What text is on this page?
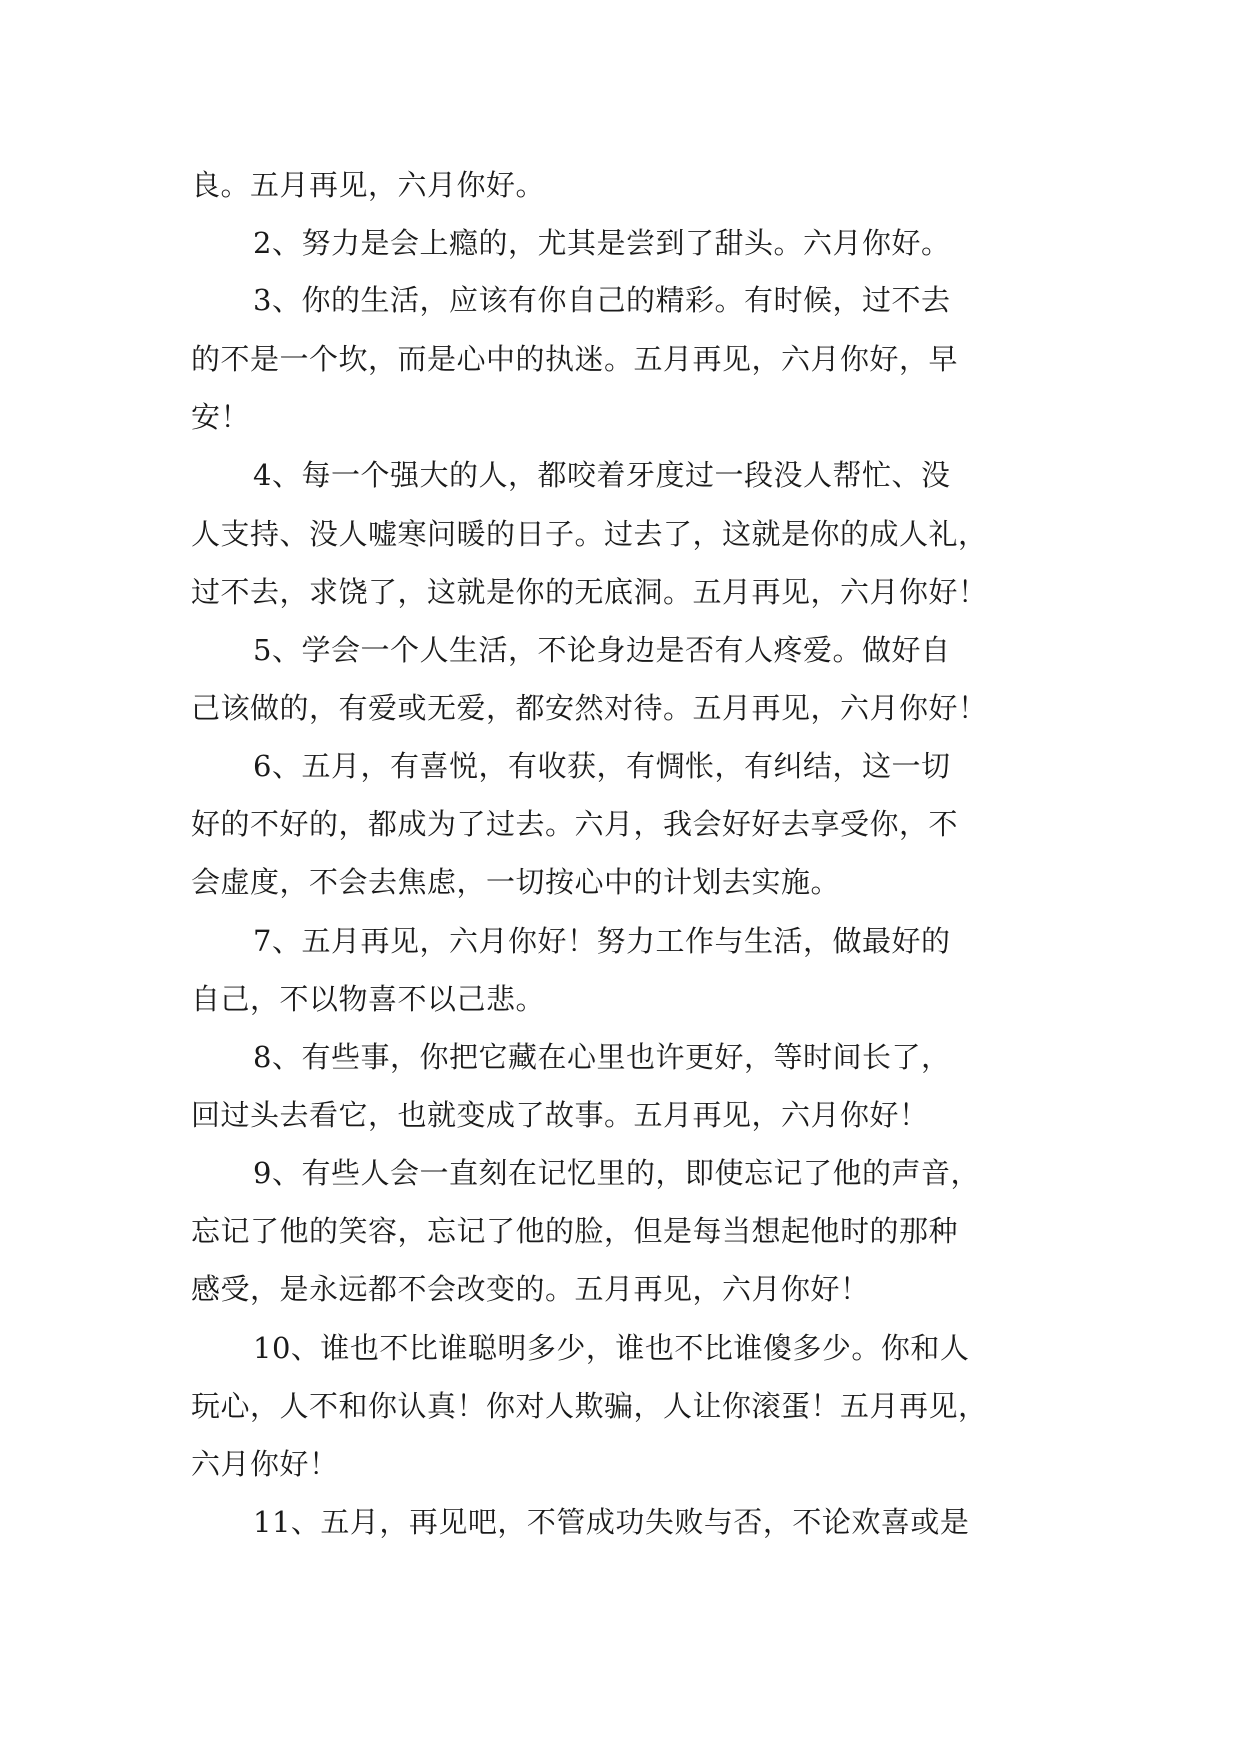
良。五月再见，六月你好。
2、努力是会上瘾的，尤其是尝到了甜头。六月你好。
3、你的生活，应该有你自己的精彩。有时候，过不去
的不是一个坎，而是心中的执迷。五月再见，六月你好，早
安！
4、每一个强大的人，都咬着牙度过一段没人帮忙、没
人支持、没人嘘寒问暖的日子。过去了，这就是你的成人礼，
过不去，求饶了，这就是你的无底洞。五月再见，六月你好！
5、学会一个人生活，不论身边是否有人疼爱。做好自
己该做的，有爱或无爱，都安然对待。五月再见，六月你好！
6、五月，有喜悦，有收获，有惆怅，有纠结，这一切
好的不好的，都成为了过去。六月，我会好好去享受你，不
会虚度，不会去焦虑，一切按心中的计划去实施。
7、五月再见，六月你好！努力工作与生活，做最好的
自己，不以物喜不以己悲。
8、有些事，你把它藏在心里也许更好，等时间长了，
回过头去看它，也就变成了故事。五月再见，六月你好！
9、有些人会一直刻在记忆里的，即使忘记了他的声音，
忘记了他的笑容，忘记了他的脸，但是每当想起他时的那种
感受，是永远都不会改变的。五月再见，六月你好！
10、谁也不比谁聪明多少，谁也不比谁傻多少。你和人
玩心，人不和你认真！你对人欺骗，人让你滚蛋！五月再见，
六月你好！
11、五月，再见吧，不管成功失败与否，不论欢喜或是
